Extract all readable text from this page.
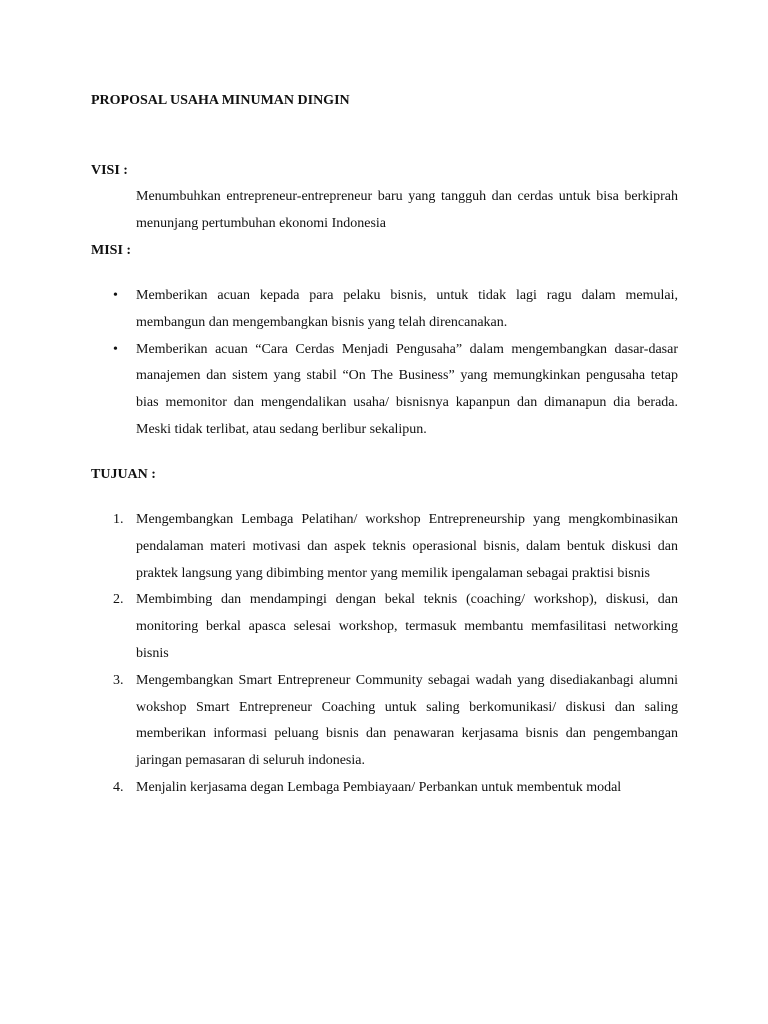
PROPOSAL USAHA MINUMAN DINGIN
VISI :
Menumbuhkan entrepreneur-entrepreneur baru yang tangguh dan cerdas untuk bisa berkiprah menunjang pertumbuhan ekonomi Indonesia
MISI :
• Memberikan acuan kepada para pelaku bisnis, untuk tidak lagi ragu dalam memulai, membangun dan mengembangkan bisnis yang telah direncanakan.
• Memberikan acuan “Cara Cerdas Menjadi Pengusaha” dalam mengembangkan dasar-dasar manajemen dan sistem yang stabil “On The Business” yang memungkinkan pengusaha tetap bias memonitor dan mengendalikan usaha/ bisnisnya kapanpun dan dimanapun dia berada. Meski tidak terlibat, atau sedang berlibur sekalipun.
TUJUAN :
1. Mengembangkan Lembaga Pelatihan/ workshop Entrepreneurship yang mengkombinasikan pendalaman materi motivasi dan aspek teknis operasional bisnis, dalam bentuk diskusi dan praktek langsung yang dibimbing mentor yang memilik ipengalaman sebagai praktisi bisnis
2. Membimbing dan mendampingi dengan bekal teknis (coaching/ workshop), diskusi, dan monitoring berkal apasca selesai workshop, termasuk membantu memfasilitasi networking bisnis
3. Mengembangkan Smart Entrepreneur Community sebagai wadah yang disediakanbagi alumni wokshop Smart Entrepreneur Coaching untuk saling berkomunikasi/ diskusi dan saling memberikan informasi peluang bisnis dan penawaran kerjasama bisnis dan pengembangan jaringan pemasaran di seluruh indonesia.
4. Menjalin kerjasama degan Lembaga Pembiayaan/ Perbankan untuk membentuk modal
